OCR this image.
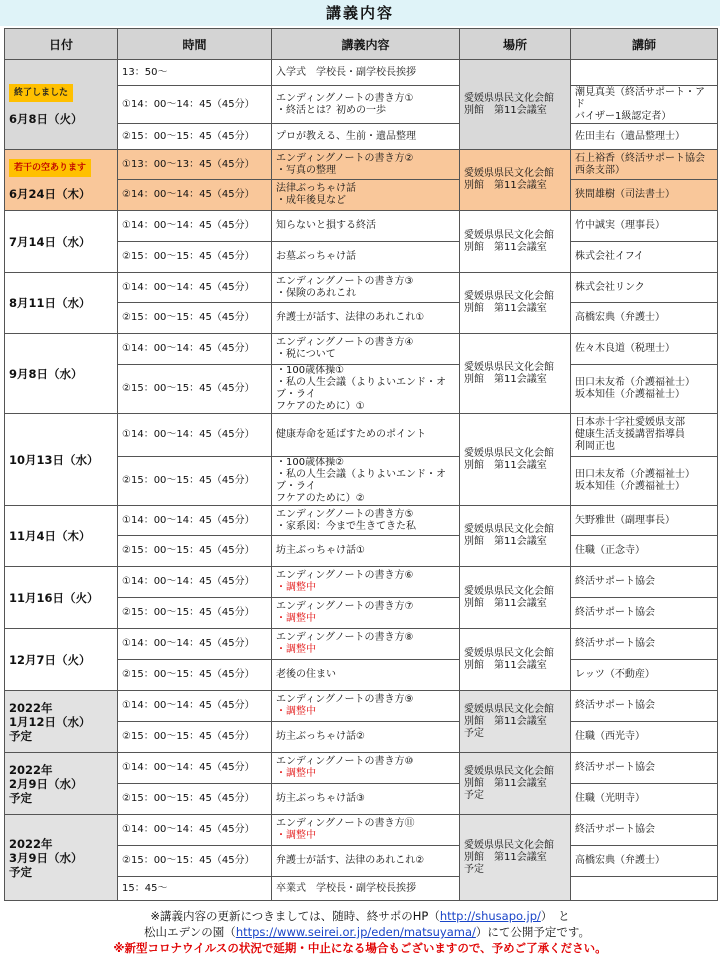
講義内容
日付	時間	講義内容	場所	講師
終了しました

6月8日（火）	13：50～	入学式　学校長・副学校長挨拶	愛媛県県民文化会館
別館　第11会議室	
	①14：00～14：45（45分）	エンディングノートの書き方①
・終活とは？初めの一歩		潮見真美（終活サポート・アド
バイザー1級認定者）
	②15：00～15：45（45分）	プロが教える、生前・遺品整理		佐田圭右（遺品整理士）
若干の空あります

6月24日（木）	①13：00～13：45（45分）	エンディングノートの書き方②
・写真の整理	愛媛県県民文化会館
別館　第11会議室	石上裕香（終活サポート協会
西条支部）
	②14：00～14：45（45分）	法律ぶっちゃけ話
・成年後見など		狭間雄樹（司法書士）

7月14日（水）	①14：00～14：45（45分）	知らないと損する終活	愛媛県県民文化会館
別館　第11会議室	竹中誠実（理事長）
	②15：00～15：45（45分）	お墓ぶっちゃけ話		株式会社イフイ

8月11日（水）	①14：00～14：45（45分）	エンディングノートの書き方③
・保険のあれこれ	愛媛県県民文化会館
別館　第11会議室	株式会社リンク
	②15：00～15：45（45分）	弁護士が話す、法律のあれこれ①		高橋宏典（弁護士）

9月8日（水）	①14：00～14：45（45分）	エンディングノートの書き方④
・税について	愛媛県県民文化会館
別館　第11会議室	佐々木良道（税理士）
	②15：00～15：45（45分）	・100歳体操①
・私の人生会議（よりよいエンド・オブ・ライ
フケアのために）①		田口未友希（介護福祉士）
坂本知佳（介護福祉士）

10月13日（水）	①14：00～14：45（45分）	健康寿命を延ばすためのポイント	愛媛県県民文化会館
別館　第11会議室	日本赤十字社愛媛県支部
健康生活支援講習指導員
利岡正也
	②15：00～15：45（45分）	・100歳体操②
・私の人生会議（よりよいエンド・オブ・ライ
フケアのために）②		田口未友希（介護福祉士）
坂本知佳（介護福祉士）

11月4日（木）	①14：00～14：45（45分）	エンディングノートの書き方⑤
・家系図：今まで生きてきた私	愛媛県県民文化会館
別館　第11会議室	矢野雅世（副理事長）
	②15：00～15：45（45分）	坊主ぶっちゃけ話①		住職（正念寺）

11月16日（火）	①14：00～14：45（45分）	エンディングノートの書き方⑥
・調整中	愛媛県県民文化会館
別館　第11会議室	終活サポート協会
	②15：00～15：45（45分）	エンディングノートの書き方⑦
・調整中		終活サポート協会

12月7日（火）	①14：00～14：45（45分）	エンディングノートの書き方⑧
・調整中	愛媛県県民文化会館
別館　第11会議室	終活サポート協会
	②15：00～15：45（45分）	老後の住まい		レッツ（不動産）

2022年
1月12日（水）
予定	①14：00～14：45（45分）	エンディングノートの書き方⑨
・調整中	愛媛県県民文化会館
別館　第11会議室
予定	終活サポート協会
	②15：00～15：45（45分）	坊主ぶっちゃけ話②		住職（西光寺）

2022年
2月9日（水）
予定	①14：00～14：45（45分）	エンディングノートの書き方⑩
・調整中	愛媛県県民文化会館
別館　第11会議室
予定	終活サポート協会
	②15：00～15：45（45分）	坊主ぶっちゃけ話③		住職（光明寺）

2022年
3月9日（水）
予定	①14：00～14：45（45分）	エンディングノートの書き方⑪
・調整中	愛媛県県民文化会館
別館　第11会議室
予定	終活サポート協会
	②15：00～15：45（45分）	弁護士が話す、法律のあれこれ②		高橋宏典（弁護士）
	15：45～	卒業式　学校長・副学校長挨拶		

※講義内容の更新につきましては、随時、終サポのHP（http://shusapo.jp/）　と
松山エデンの園（https://www.seirei.or.jp/eden/matsuyama/）にて公開予定です。
※新型コロナウイルスの状況で延期・中止になる場合もございますので、予めご了承ください。
